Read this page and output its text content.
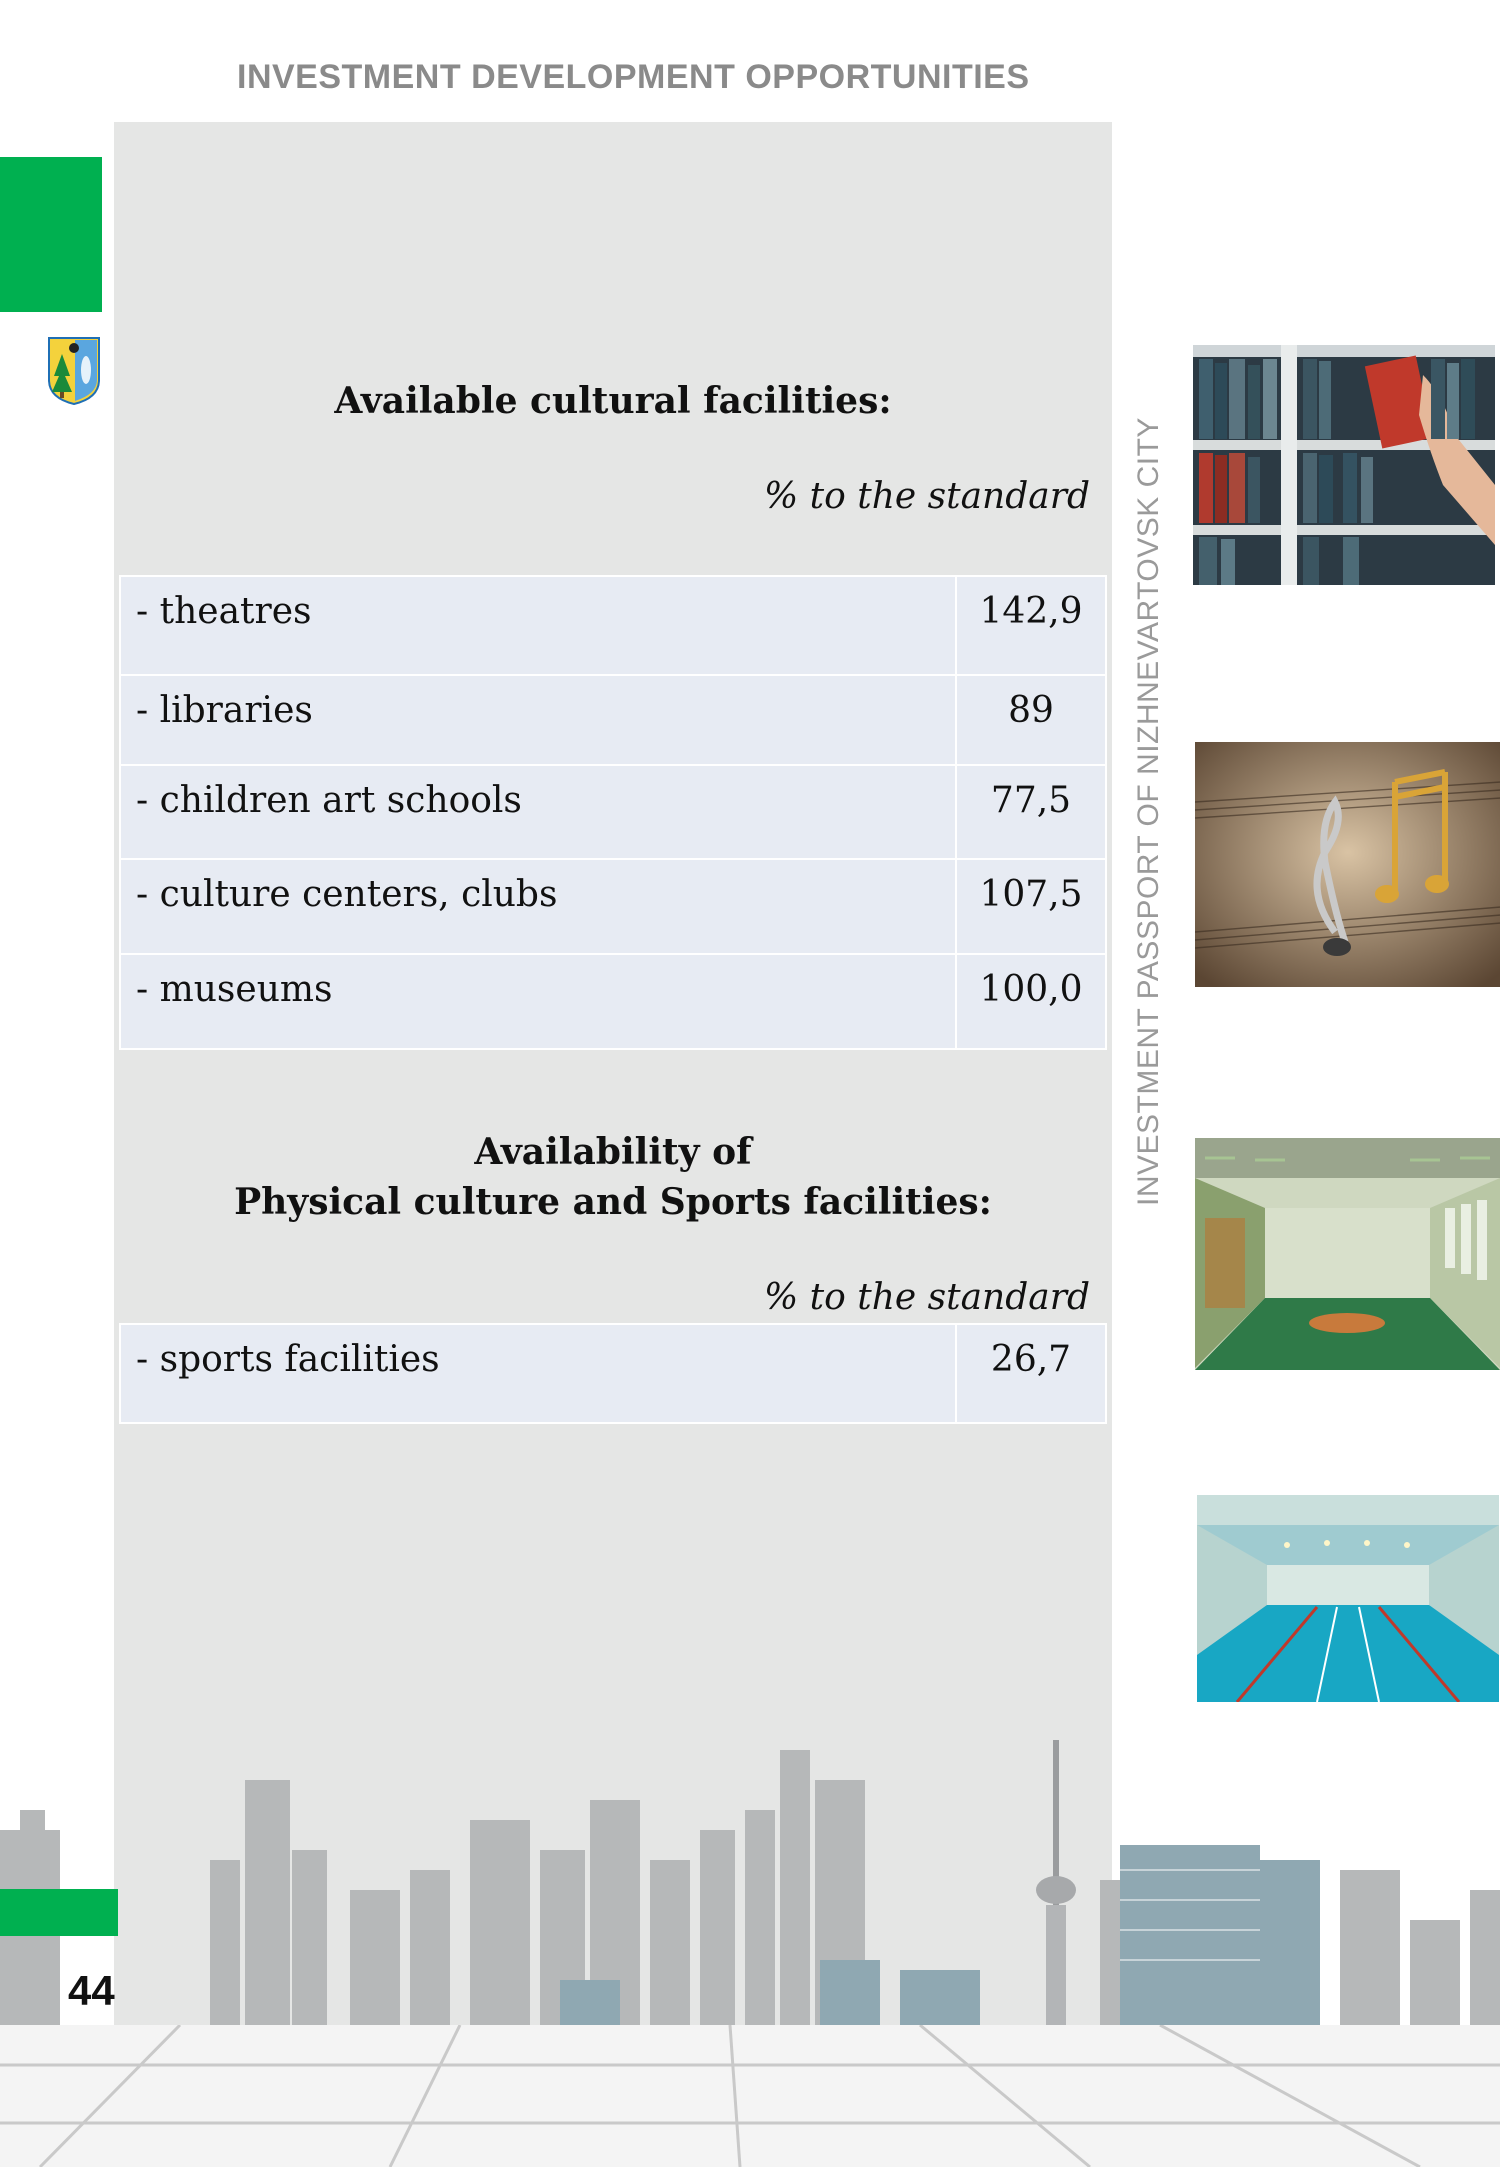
INVESTMENT DEVELOPMENT OPPORTUNITIES
Available cultural facilities:
% to the standard
- theatres	142,9
- libraries	89
- children art schools	77,5
- culture centers, clubs	107,5
- museums	100,0
Availability of
Physical culture and Sports facilities:
% to the standard
- sports facilities	26,7
INVESTMENT PASSPORT OF NIZHNEVARTOVSK CITY
44
